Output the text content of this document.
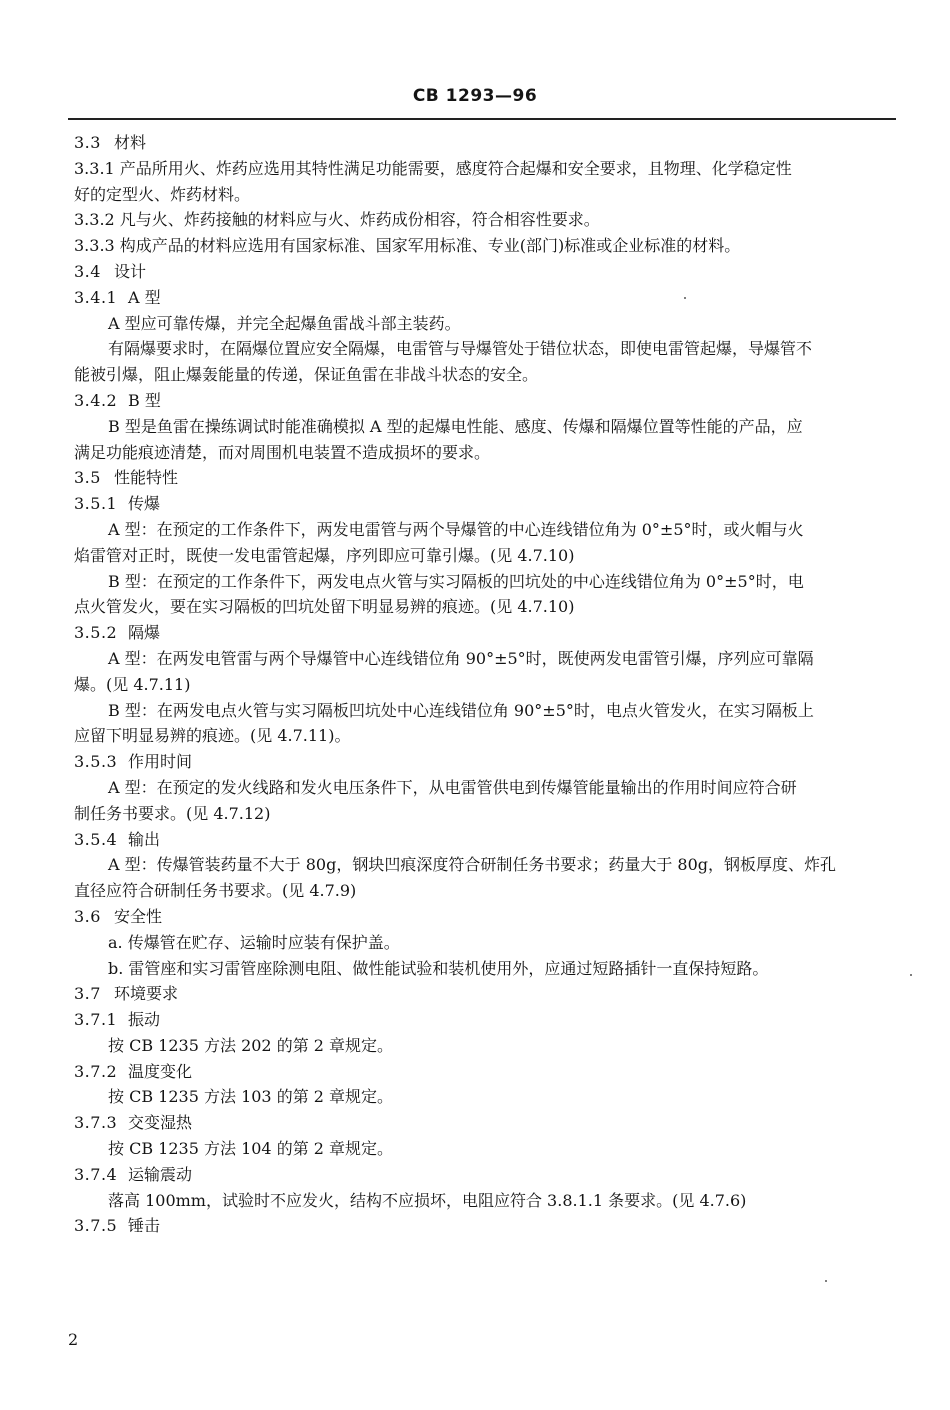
CB 1293—96
3.3 材料
3.3.1 产品所用火、炸药应选用其特性满足功能需要，感度符合起爆和安全要求，且物理、化学稳定性
好的定型火、炸药材料。
3.3.2 凡与火、炸药接触的材料应与火、炸药成份相容，符合相容性要求。
3.3.3 构成产品的材料应选用有国家标准、国家军用标准、专业(部门)标准或企业标准的材料。
3.4 设计
3.4.1 A 型
A 型应可靠传爆，并完全起爆鱼雷战斗部主装药。
有隔爆要求时，在隔爆位置应安全隔爆，电雷管与导爆管处于错位状态，即使电雷管起爆，导爆管不
能被引爆，阻止爆轰能量的传递，保证鱼雷在非战斗状态的安全。
3.4.2 B 型
B 型是鱼雷在操练调试时能准确模拟 A 型的起爆电性能、感度、传爆和隔爆位置等性能的产品，应
满足功能痕迹清楚，而对周围机电装置不造成损坏的要求。
3.5 性能特性
3.5.1 传爆
A 型：在预定的工作条件下，两发电雷管与两个导爆管的中心连线错位角为 0°±5°时，或火帽与火
焰雷管对正时，既使一发电雷管起爆，序列即应可靠引爆。(见 4.7.10)
B 型：在预定的工作条件下，两发电点火管与实习隔板的凹坑处的中心连线错位角为 0°±5°时，电
点火管发火，要在实习隔板的凹坑处留下明显易辨的痕迹。(见 4.7.10)
3.5.2 隔爆
A 型：在两发电管雷与两个导爆管中心连线错位角 90°±5°时，既使两发电雷管引爆，序列应可靠隔
爆。(见 4.7.11)
B 型：在两发电点火管与实习隔板凹坑处中心连线错位角 90°±5°时，电点火管发火，在实习隔板上
应留下明显易辨的痕迹。(见 4.7.11)。
3.5.3 作用时间
A 型：在预定的发火线路和发火电压条件下，从电雷管供电到传爆管能量输出的作用时间应符合研
制任务书要求。(见 4.7.12)
3.5.4 输出
A 型：传爆管装药量不大于 80g，钢块凹痕深度符合研制任务书要求；药量大于 80g，钢板厚度、炸孔
直径应符合研制任务书要求。(见 4.7.9)
3.6 安全性
a. 传爆管在贮存、运输时应装有保护盖。
b. 雷管座和实习雷管座除测电阻、做性能试验和装机使用外，应通过短路插针一直保持短路。
3.7 环境要求
3.7.1 振动
按 CB 1235 方法 202 的第 2 章规定。
3.7.2 温度变化
按 CB 1235 方法 103 的第 2 章规定。
3.7.3 交变湿热
按 CB 1235 方法 104 的第 2 章规定。
3.7.4 运输震动
落高 100mm，试验时不应发火，结构不应损坏，电阻应符合 3.8.1.1 条要求。(见 4.7.6)
3.7.5 锤击
2
